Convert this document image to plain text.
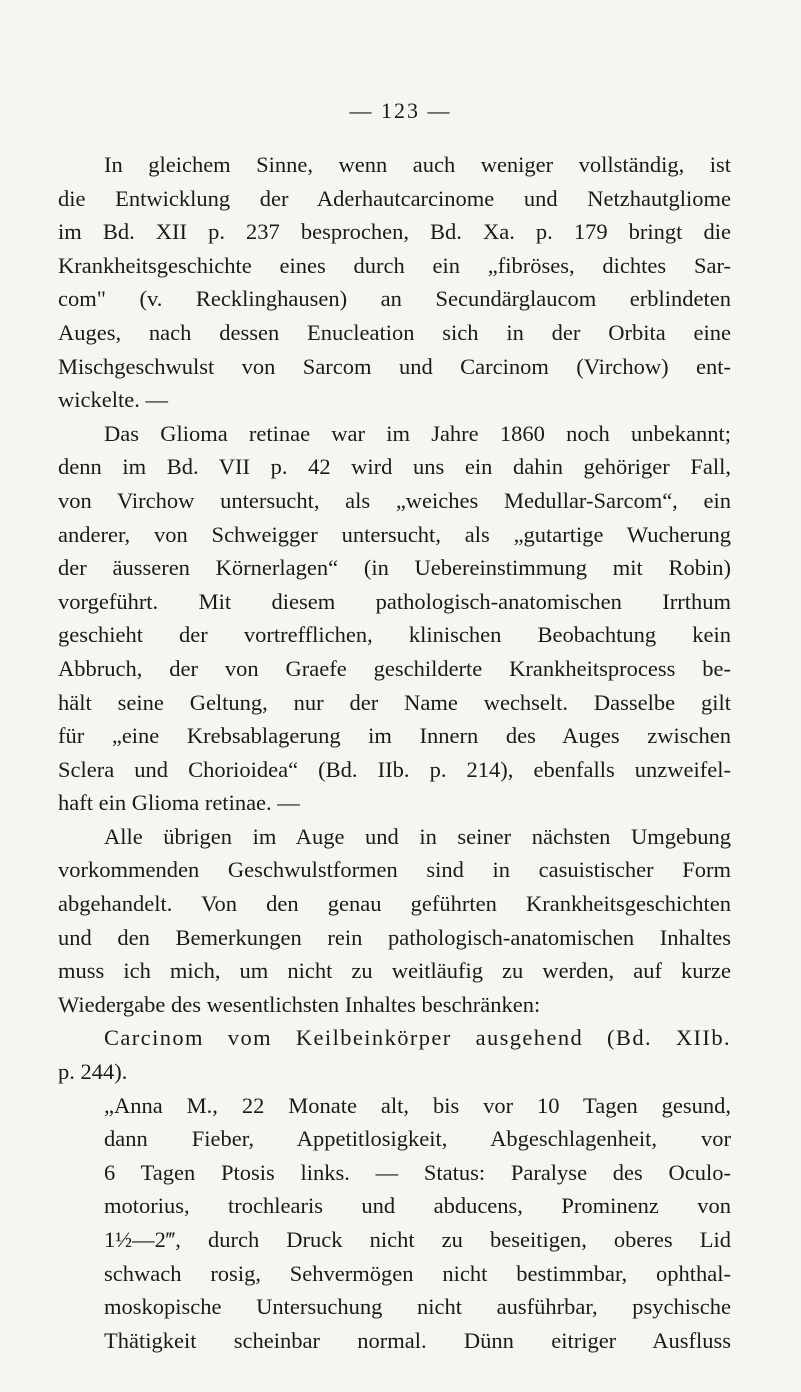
— 123 —
In gleichem Sinne, wenn auch weniger vollständig, ist
die Entwicklung der Aderhautcarcinome und Netzhautgliome
im Bd. XII p. 237 besprochen, Bd. Xa. p. 179 bringt die
Krankheitsgeschichte eines durch ein „fibröses, dichtes Sar-
com" (v. Recklinghausen) an Secundärglaucom erblindeten
Auges, nach dessen Enucleation sich in der Orbita eine
Mischgeschwulst von Sarcom und Carcinom (Virchow) ent-
wickelte. —
Das Glioma retinae war im Jahre 1860 noch unbekannt;
denn im Bd. VII p. 42 wird uns ein dahin gehöriger Fall,
von Virchow untersucht, als „weiches Medullar-Sarcom“, ein
anderer, von Schweigger untersucht, als „gutartige Wucherung
der äusseren Körnerlagen“ (in Uebereinstimmung mit Robin)
vorgeführt. Mit diesem pathologisch-anatomischen Irrthum
geschieht der vortrefflichen, klinischen Beobachtung kein
Abbruch, der von Graefe geschilderte Krankheitsprocess be-
hält seine Geltung, nur der Name wechselt. Dasselbe gilt
für „eine Krebsablagerung im Innern des Auges zwischen
Sclera und Chorioidea“ (Bd. IIb. p. 214), ebenfalls unzweifel-
haft ein Glioma retinae. —
Alle übrigen im Auge und in seiner nächsten Umgebung
vorkommenden Geschwulstformen sind in casuistischer Form
abgehandelt. Von den genau geführten Krankheitsgeschichten
und den Bemerkungen rein pathologisch-anatomischen Inhaltes
muss ich mich, um nicht zu weitläufig zu werden, auf kurze
Wiedergabe des wesentlichsten Inhaltes beschränken:
Carcinom vom Keilbeinkörper ausgehend (Bd. XIIb.
p. 244).
„Anna M., 22 Monate alt, bis vor 10 Tagen gesund,
dann Fieber, Appetitlosigkeit, Abgeschlagenheit, vor
6 Tagen Ptosis links. — Status: Paralyse des Oculo-
motorius, trochlearis und abducens, Prominenz von
1½—2‴, durch Druck nicht zu beseitigen, oberes Lid
schwach rosig, Sehvermögen nicht bestimmbar, ophthal-
moskopische Untersuchung nicht ausführbar, psychische
Thätigkeit scheinbar normal. Dünn eitriger Ausfluss
